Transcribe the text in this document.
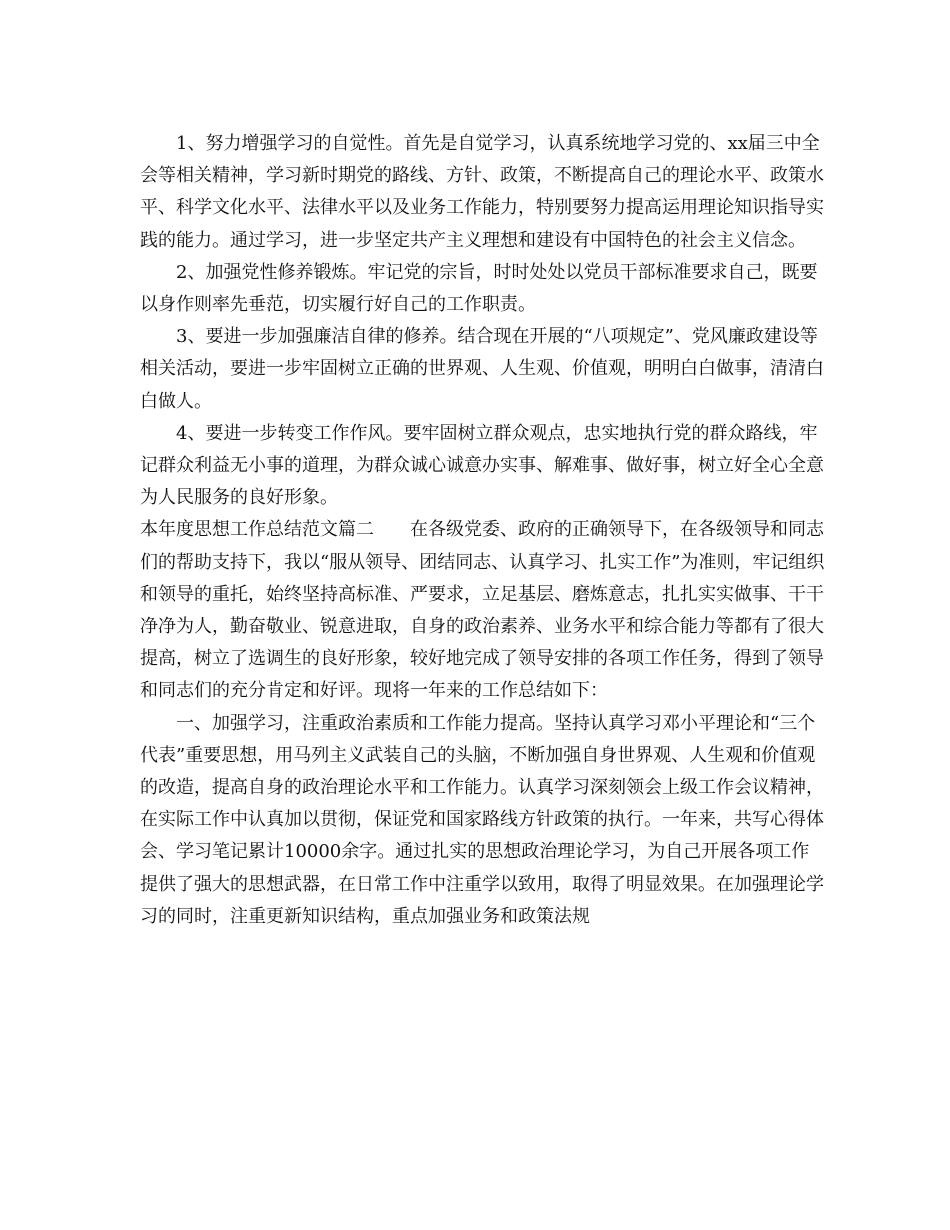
1、努力增强学习的自觉性。首先是自觉学习，认真系统地学习党的、xx届三中全会等相关精神，学习新时期党的路线、方针、政策，不断提高自己的理论水平、政策水平、科学文化水平、法律水平以及业务工作能力，特别要努力提高运用理论知识指导实践的能力。通过学习，进一步坚定共产主义理想和建设有中国特色的社会主义信念。

2、加强党性修养锻炼。牢记党的宗旨，时时处处以党员干部标准要求自己，既要以身作则率先垂范，切实履行好自己的工作职责。

3、要进一步加强廉洁自律的修养。结合现在开展的“八项规定”、党风廉政建设等相关活动，要进一步牢固树立正确的世界观、人生观、价值观，明明白白做事，清清白白做人。

4、要进一步转变工作作风。要牢固树立群众观点，忠实地执行党的群众路线，牢记群众利益无小事的道理，为群众诚心诚意办实事、解难事、做好事，树立好全心全意为人民服务的良好形象。

本年度思想工作总结范文篇二　　 在各级党委、政府的正确领导下，在各级领导和同志们的帮助支持下，我以“服从领导、团结同志、认真学习、扎实工作”为准则，牢记组织和领导的重托，始终坚持高标准、严要求，立足基层、磨炼意志，扎扎实实做事、干干净净为人，勤奋敬业、锐意进取，自身的政治素养、业务水平和综合能力等都有了很大提高，树立了选调生的良好形象，较好地完成了领导安排的各项工作任务，得到了领导和同志们的充分肯定和好评。现将一年来的工作总结如下：

一、加强学习，注重政治素质和工作能力提高。坚持认真学习邓小平理论和“三个代表”重要思想，用马列主义武装自己的头脑，不断加强自身世界观、人生观和价值观的改造，提高自身的政治理论水平和工作能力。认真学习深刻领会上级工作会议精神，在实际工作中认真加以贯彻，保证党和国家路线方针政策的执行。一年来，共写心得体会、学习笔记累计10000余字。通过扎实的思想政治理论学习，为自己开展各项工作提供了强大的思想武器，在日常工作中注重学以致用，取得了明显效果。在加强理论学习的同时，注重更新知识结构，重点加强业务和政策法规
